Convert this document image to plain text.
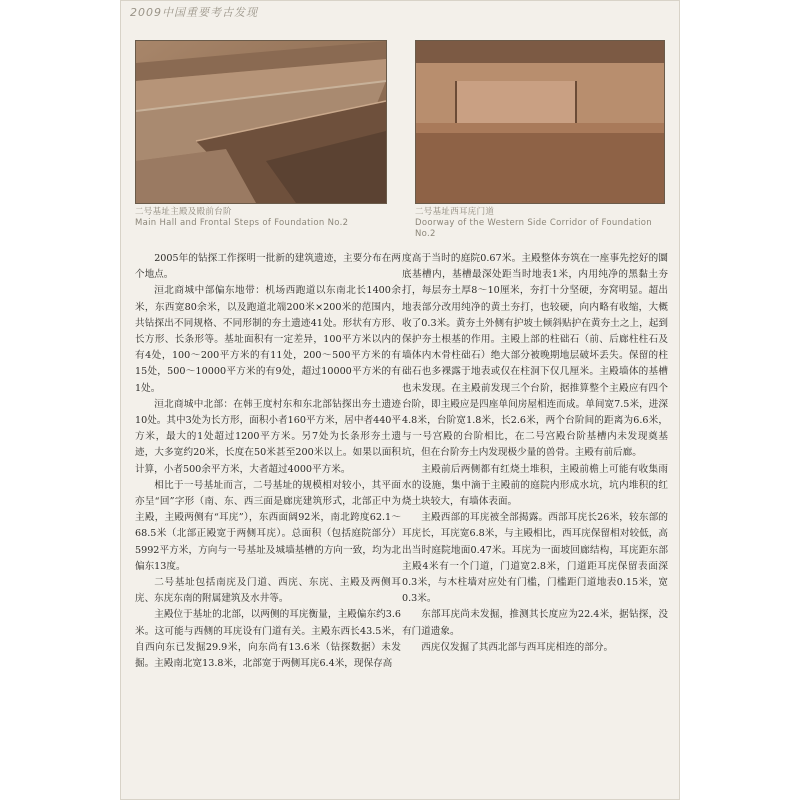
2009中国重要考古发现
二号基址主殿及殿前台阶
Main Hall and Frontal Steps of Foundation No.2
二号基址西耳庑门道
Doorway of the Western Side Corridor of Foundation No.2

2005年的钻探工作探明一批新的建筑遗迹，主要分布在两个地点。

洹北商城中部偏东地带：机场西跑道以东南北长1400余米，东西宽80余米，以及跑道北端200米×200米的范围内，共钻探出不同规格、不同形制的夯土遗迹41处。形状有方形、长方形、长条形等。基址面积有一定差异，100平方米以内的有4处，100～200平方米的有11处，200～500平方米的有15处，500～10000平方米的有9处，超过10000平方米的有1处。

洹北商城中北部：在韩王度村东和东北部钻探出夯土遗迹10处。其中3处为长方形，面积小者160平方米，居中者440平方米，最大的1处超过1200平方米。另7处为长条形夯土遗迹，大多宽约20米，长度在50米甚至200米以上。如果以面积计算，小者500余平方米，大者超过4000平方米。

相比于一号基址而言，二号基址的规模相对较小，其平面亦呈“回”字形（南、东、西三面是廊庑建筑形式，北部正中为主殿，主殿两侧有“耳庑”），东西面阔92米，南北跨度62.1～68.5米（北部正殿宽于两侧耳庑）。总面积（包括庭院部分）5992平方米，方向与一号基址及城墙基槽的方向一致，均为北偏东13度。

二号基址包括南庑及门道、西庑、东庑、主殿及两侧耳庑、东庑东南的附属建筑及水井等。

主殿位于基址的北部，以两侧的耳庑衡量，主殿偏东约3.6米。这可能与西侧的耳庑设有门道有关。主殿东西长43.5米，自西向东已发掘29.9米，向东尚有13.6米（钻探数据）未发掘。主殿南北宽13.8米，北部宽于两侧耳庑6.4米，现保存高

度高于当时的庭院0.67米。主殿整体夯筑在一座事先挖好的圜底基槽内，基槽最深处距当时地表1米，内用纯净的黑黏土夯打，每层夯土厚8～10厘米，夯打十分坚硬，夯窝明显。超出地表部分改用纯净的黄土夯打，也较硬，向内略有收缩，大概收了0.3米。黄夯土外侧有护坡土倾斜贴护在黄夯土之上，起到保护夯土根基的作用。主殿上部的柱础石（前、后廊柱柱石及墙体内木骨柱础石）绝大部分被晚期地层破坏丢失。保留的柱础石也多裸露于地表或仅在柱洞下仅几厘米。主殿墙体的基槽也未发现。在主殿前发现三个台阶，据推算整个主殿应有四个台阶，即主殿应是四座单间房屋相连而成。单间宽7.5米，进深4.8米，台阶宽1.8米，长2.6米，两个台阶间的距离为6.6米，与一号宫殿的台阶相比，在二号宫殿台阶基槽内未发现奠基坑，但在台阶夯土内发现极少量的兽骨。主殿有前后廊。

主殿前后两侧都有红烧土堆积，主殿前檐上可能有收集雨水的设施，集中滴于主殿前的庭院内形成水坑，坑内堆积的红烧土块较大，有墙体表面。

主殿西部的耳庑被全部揭露。西部耳庑长26米，较东部的耳庑长，耳庑宽6.8米，与主殿相比，西耳庑保留相对较低，高出当时庭院地面0.47米。耳庑为一面坡回廊结构，耳庑距东部主殿4米有一个门道，门道宽2.8米，门道距耳庑保留表面深0.3米，与木柱墙对应处有门槛，门槛距门道地表0.15米，宽0.3米。

东部耳庑尚未发掘，推测其长度应为22.4米，据钻探，没有门道遗象。

西庑仅发掘了其西北部与西耳庑相连的部分。
